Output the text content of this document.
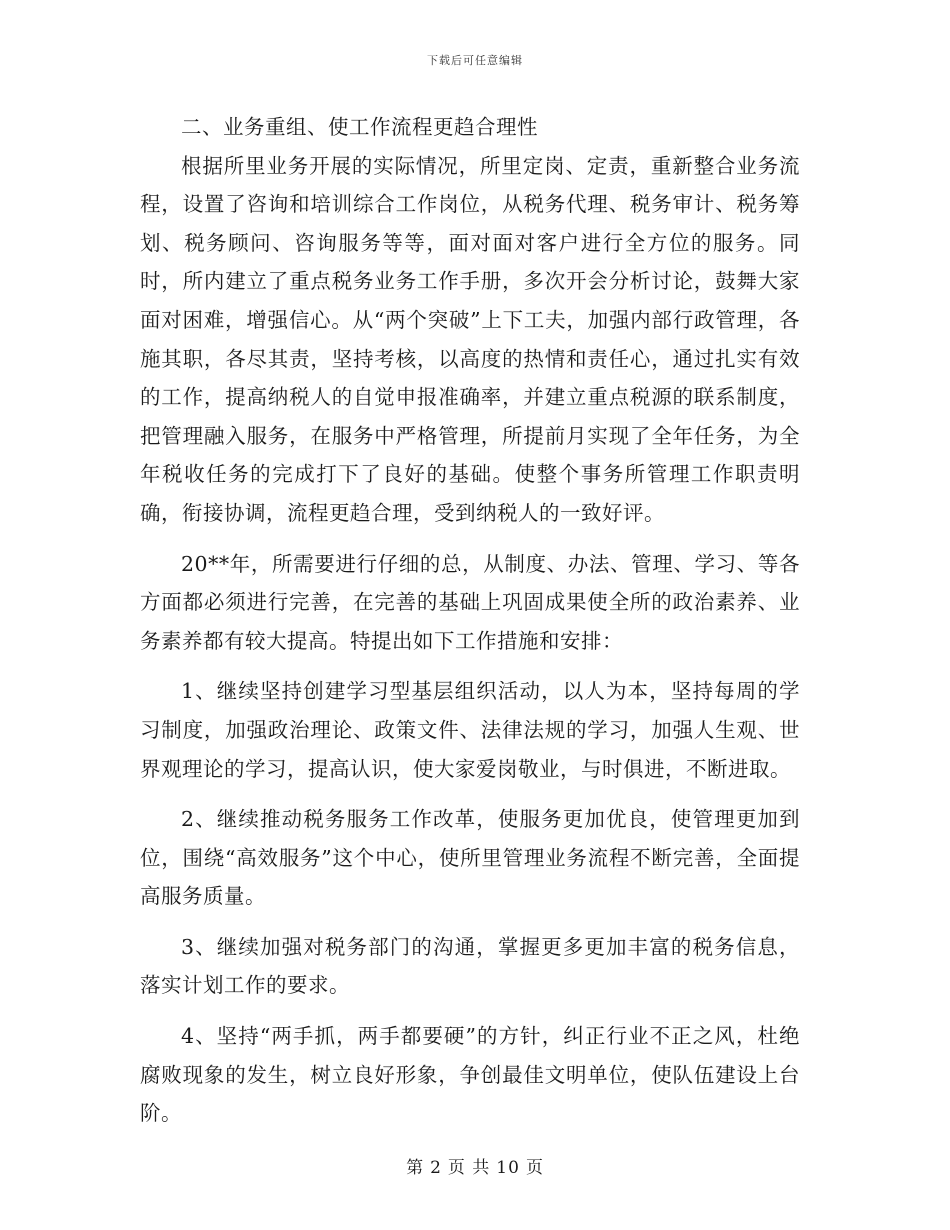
下载后可任意编辑

二、业务重组、使工作流程更趋合理性

根据所里业务开展的实际情况，所里定岗、定责，重新整合业务流程，设置了咨询和培训综合工作岗位，从税务代理、税务审计、税务筹划、税务顾问、咨询服务等等，面对面对客户进行全方位的服务。同时，所内建立了重点税务业务工作手册，多次开会分析讨论，鼓舞大家面对困难，增强信心。从“两个突破”上下工夫，加强内部行政管理，各施其职，各尽其责，坚持考核，以高度的热情和责任心，通过扎实有效的工作，提高纳税人的自觉申报准确率，并建立重点税源的联系制度，把管理融入服务，在服务中严格管理，所提前月实现了全年任务，为全年税收任务的完成打下了良好的基础。使整个事务所管理工作职责明确，衔接协调，流程更趋合理，受到纳税人的一致好评。

20**年，所需要进行仔细的总，从制度、办法、管理、学习、等各方面都必须进行完善，在完善的基础上巩固成果使全所的政治素养、业务素养都有较大提高。特提出如下工作措施和安排：

1、继续坚持创建学习型基层组织活动，以人为本，坚持每周的学习制度，加强政治理论、政策文件、法律法规的学习，加强人生观、世界观理论的学习，提高认识，使大家爱岗敬业，与时俱进，不断进取。

2、继续推动税务服务工作改革，使服务更加优良，使管理更加到位，围绕“高效服务”这个中心，使所里管理业务流程不断完善，全面提高服务质量。

3、继续加强对税务部门的沟通，掌握更多更加丰富的税务信息，落实计划工作的要求。

4、坚持“两手抓，两手都要硬”的方针，纠正行业不正之风，杜绝腐败现象的发生，树立良好形象，争创最佳文明单位，使队伍建设上台阶。

第 2 页 共 10 页
